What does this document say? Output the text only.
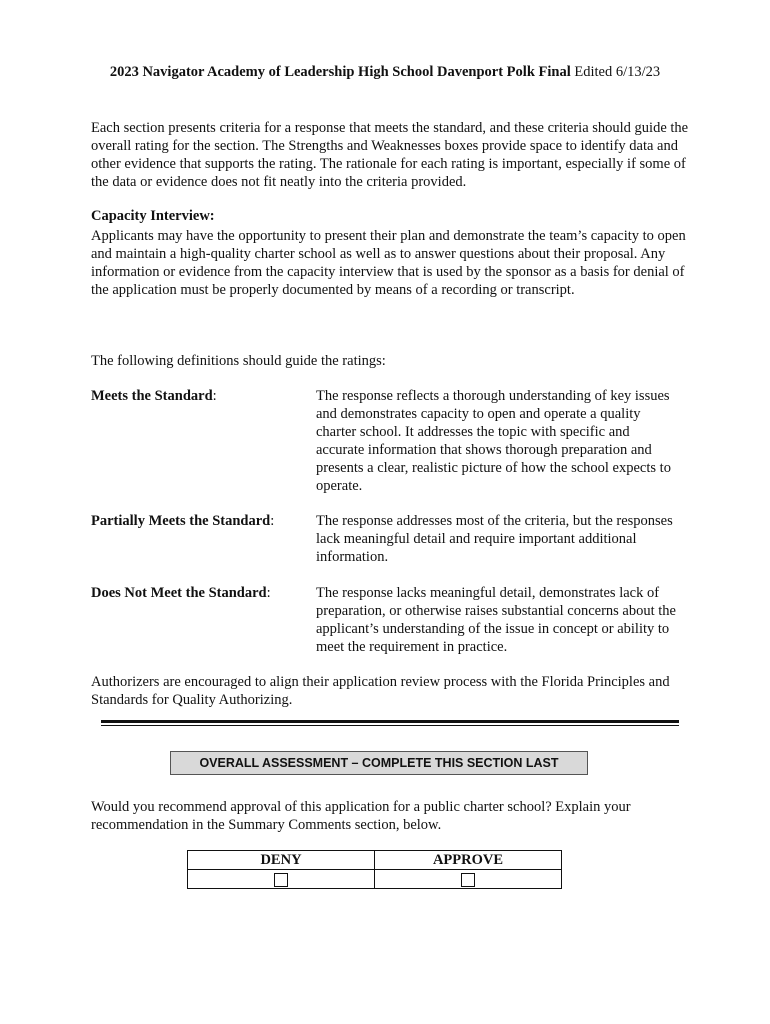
2023 Navigator Academy of Leadership High School Davenport Polk Final Edited 6/13/23

Each section presents criteria for a response that meets the standard, and these criteria should guide the overall rating for the section. The Strengths and Weaknesses boxes provide space to identify data and other evidence that supports the rating. The rationale for each rating is important, especially if some of the data or evidence does not fit neatly into the criteria provided.

Capacity Interview:

Applicants may have the opportunity to present their plan and demonstrate the team’s capacity to open and maintain a high-quality charter school as well as to answer questions about their proposal. Any information or evidence from the capacity interview that is used by the sponsor as a basis for denial of the application must be properly documented by means of a recording or transcript.

The following definitions should guide the ratings:

Meets the Standard:	The response reflects a thorough understanding of key issues and demonstrates capacity to open and operate a quality charter school. It addresses the topic with specific and accurate information that shows thorough preparation and presents a clear, realistic picture of how the school expects to operate.

Partially Meets the Standard:	The response addresses most of the criteria, but the responses lack meaningful detail and require important additional information.

Does Not Meet the Standard:	The response lacks meaningful detail, demonstrates lack of preparation, or otherwise raises substantial concerns about the applicant’s understanding of the issue in concept or ability to meet the requirement in practice.

Authorizers are encouraged to align their application review process with the Florida Principles and Standards for Quality Authorizing.

OVERALL ASSESSMENT – COMPLETE THIS SECTION LAST

Would you recommend approval of this application for a public charter school? Explain your recommendation in the Summary Comments section, below.

DENY	APPROVE
